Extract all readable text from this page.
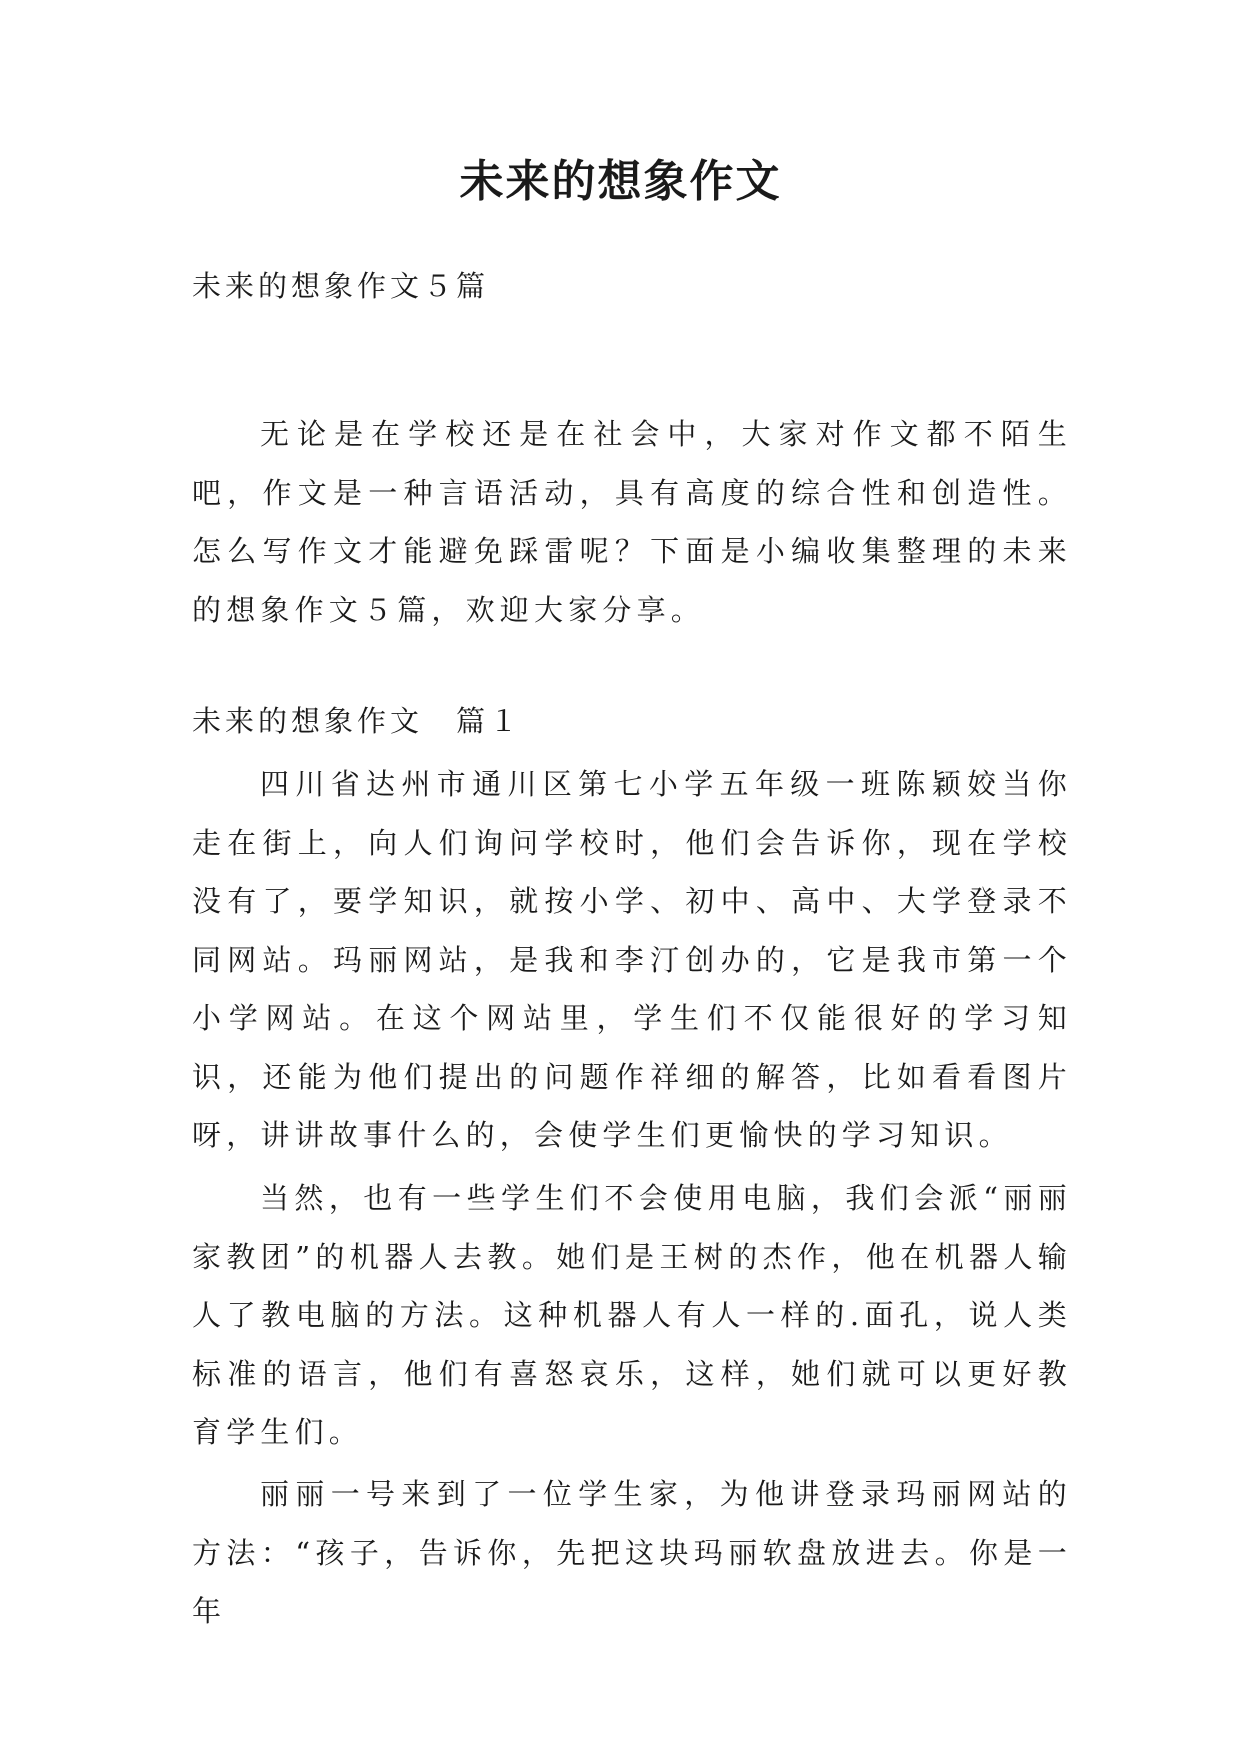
未来的想象作文

未来的想象作文５篇

无论是在学校还是在社会中，大家对作文都不陌生吧，作文是一种言语活动，具有高度的综合性和创造性。怎么写作文才能避免踩雷呢？下面是小编收集整理的未来的想象作文５篇，欢迎大家分享。

未来的想象作文　篇１

四川省达州市通川区第七小学五年级一班陈颖姣当你走在街上，向人们询问学校时，他们会告诉你，现在学校没有了，要学知识，就按小学、初中、高中、大学登录不同网站。玛丽网站，是我和李汀创办的，它是我市第一个小学网站。在这个网站里，学生们不仅能很好的学习知识，还能为他们提出的问题作祥细的解答，比如看看图片呀，讲讲故事什么的，会使学生们更愉快的学习知识。

当然，也有一些学生们不会使用电脑，我们会派“丽丽家教团”的机器人去教。她们是王树的杰作，他在机器人输人了教电脑的方法。这种机器人有人一样的.面孔，说人类标准的语言，他们有喜怒哀乐，这样，她们就可以更好教育学生们。

丽丽一号来到了一位学生家，为他讲登录玛丽网站的方法：“孩子，告诉你，先把这块玛丽软盘放进去。你是一年
